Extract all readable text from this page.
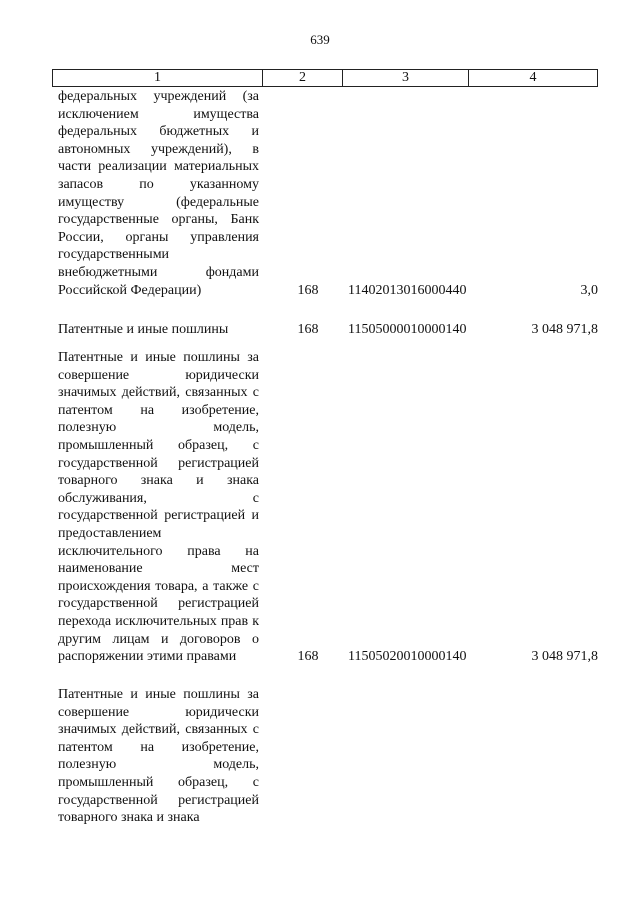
639
1	2	3	4
федеральных учреждений (за исключением имущества федеральных бюджетных и автономных учреждений), в части реализации материальных запасов по указанному имуществу (федеральные государственные органы, Банк России, органы управления государственными внебюджетными фондами Российской Федерации)	168	11402013016000440	3,0
Патентные и иные пошлины	168	11505000010000140	3 048 971,8
Патентные и иные пошлины за совершение юридически значимых действий, связанных с патентом на изобретение, полезную модель, промышленный образец, с государственной регистрацией товарного знака и знака обслуживания, с государственной регистрацией и предоставлением исключительного права на наименование мест происхождения товара, а также с государственной регистрацией перехода исключительных прав к другим лицам и договоров о распоряжении этими правами	168	11505020010000140	3 048 971,8
Патентные и иные пошлины за совершение юридически значимых действий, связанных с патентом на изобретение, полезную модель, промышленный образец, с государственной регистрацией товарного знака и знака
